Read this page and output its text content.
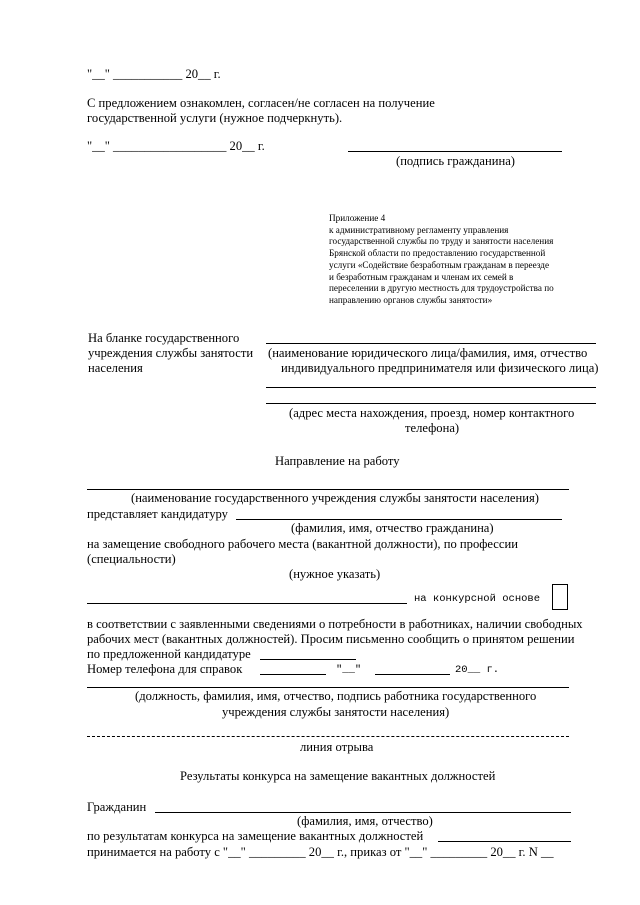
"__" ___________ 20__ г.
С предложением ознакомлен, согласен/не согласен на получение
государственной услуги (нужное подчеркнуть).
"__" __________________ 20__ г.
(подпись гражданина)
Приложение 4
к административному регламенту управления
государственной службы по труду и занятости населения
Брянской области по предоставлению государственной
услуги «Содействие безработным гражданам в переезде
и безработным гражданам и членам их семей в
переселении в другую местность для трудоустройства по
направлению органов службы занятости»
На бланке государственного
учреждения службы занятости
населения
(наименование юридического лица/фамилия, имя, отчество
индивидуального предпринимателя или физического лица)
(адрес места нахождения, проезд, номер контактного
телефона)
Направление на работу
(наименование государственного учреждения службы занятости населения)
представляет кандидатуру
(фамилия, имя, отчество гражданина)
на замещение свободного рабочего места (вакантной должности), по профессии
(специальности)
(нужное указать)
на конкурсной основе
в соответствии с заявленными сведениями о потребности в работниках, наличии свободных
рабочих мест (вакантных должностей). Просим письменно сообщить о принятом решении
по предложенной кандидатуре
Номер телефона для справок	"__"	20__ г.
(должность, фамилия, имя, отчество, подпись работника государственного
учреждения службы занятости населения)
линия отрыва
Результаты конкурса на замещение вакантных должностей
Гражданин
(фамилия, имя, отчество)
по результатам конкурса на замещение вакантных должностей
принимается на работу с "__" _________ 20__ г., приказ от "__" _________ 20__ г. N __
